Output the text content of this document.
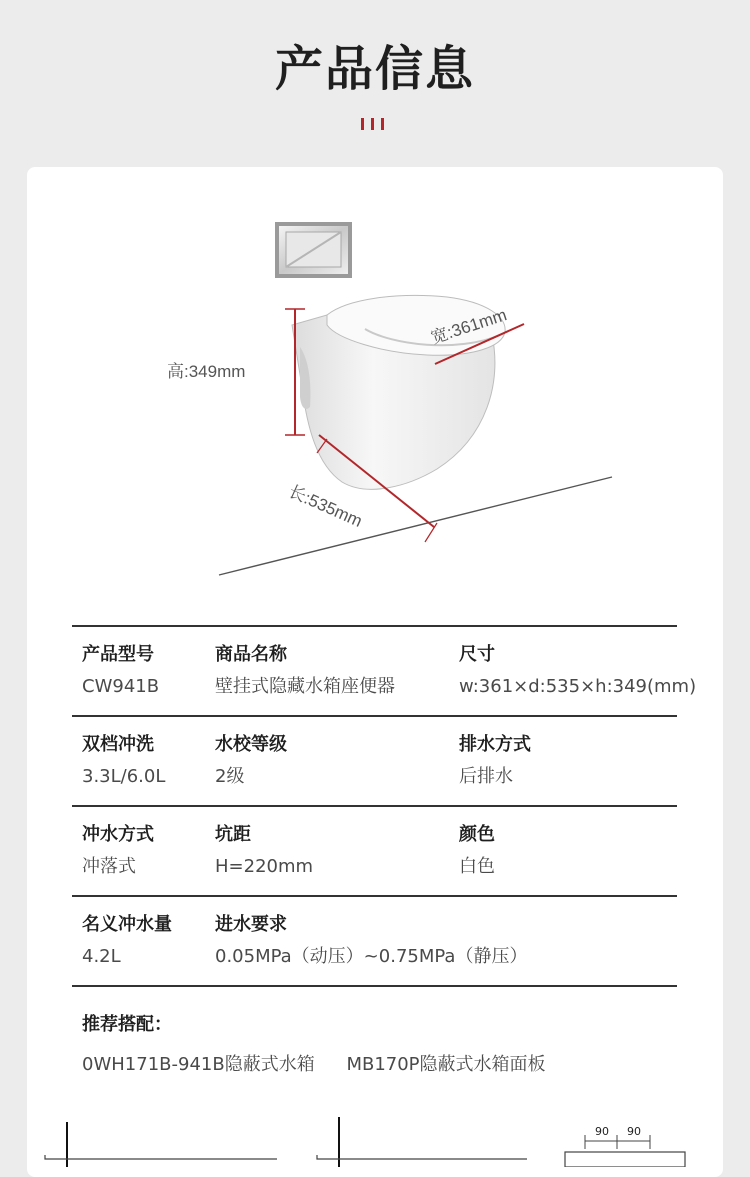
产品信息
高:349mm
宽:361mm
长:535mm
产品型号
CW941B
商品名称
壁挂式隐藏水箱座便器
尺寸
w:361×d:535×h:349(mm)
双档冲洗
3.3L/6.0L
水校等级
2级
排水方式
后排水
冲水方式
冲落式
坑距
H=220mm
颜色
白色
名义冲水量
4.2L
进水要求
0.05MPa（动压）~0.75MPa（静压）
推荐搭配：
0WH171B-941B隐蔽式水箱 MB170P隐蔽式水箱面板
90 90
